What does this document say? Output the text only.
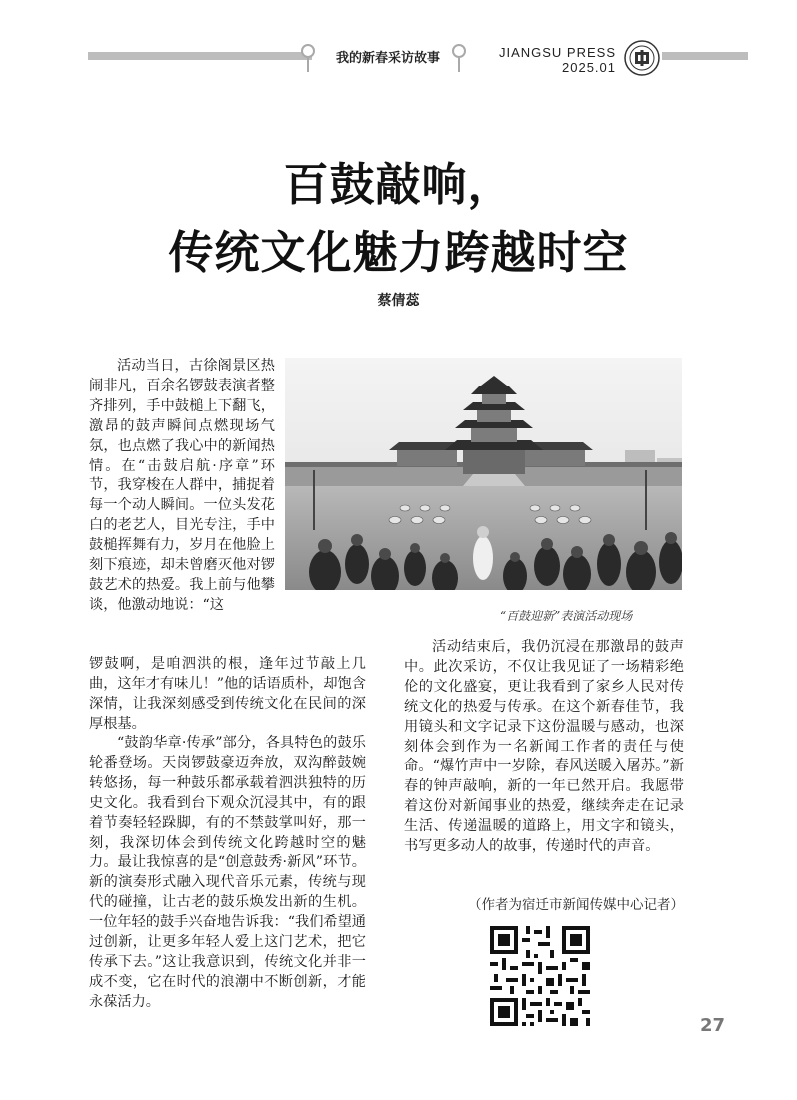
我的新春采访故事	JIANGSU PRESS
2025.01
百鼓敲响，
传统文化魅力跨越时空
蔡倩蕊
“百鼓迎新”表演活动现场

活动当日，古徐阁景区热闹非凡，百余名锣鼓表演者整齐排列，手中鼓槌上下翻飞，激昂的鼓声瞬间点燃现场气氛，也点燃了我心中的新闻热情。在“击鼓启航·序章”环节，我穿梭在人群中，捕捉着每一个动人瞬间。一位头发花白的老艺人，目光专注，手中鼓槌挥舞有力，岁月在他脸上刻下痕迹，却未曾磨灭他对锣鼓艺术的热爱。我上前与他攀谈，他激动地说：“这

锣鼓啊，是咱泗洪的根，逢年过节敲上几曲，这年才有味儿！”他的话语质朴，却饱含深情，让我深刻感受到传统文化在民间的深厚根基。

“鼓韵华章·传承”部分，各具特色的鼓乐轮番登场。天岗锣鼓豪迈奔放，双沟醉鼓婉转悠扬，每一种鼓乐都承载着泗洪独特的历史文化。我看到台下观众沉浸其中，有的跟着节奏轻轻跺脚，有的不禁鼓掌叫好，那一刻，我深切体会到传统文化跨越时空的魅力。最让我惊喜的是“创意鼓秀·新风”环节。新的演奏形式融入现代音乐元素，传统与现代的碰撞，让古老的鼓乐焕发出新的生机。一位年轻的鼓手兴奋地告诉我：“我们希望通过创新，让更多年轻人爱上这门艺术，把它传承下去。”这让我意识到，传统文化并非一成不变，它在时代的浪潮中不断创新，才能永葆活力。

活动结束后，我仍沉浸在那激昂的鼓声中。此次采访，不仅让我见证了一场精彩绝伦的文化盛宴，更让我看到了家乡人民对传统文化的热爱与传承。在这个新春佳节，我用镜头和文字记录下这份温暖与感动，也深刻体会到作为一名新闻工作者的责任与使命。“爆竹声中一岁除，春风送暖入屠苏。”新春的钟声敲响，新的一年已然开启。我愿带着这份对新闻事业的热爱，继续奔走在记录生活、传递温暖的道路上，用文字和镜头，书写更多动人的故事，传递时代的声音。

（作者为宿迁市新闻传媒中心记者）
27
